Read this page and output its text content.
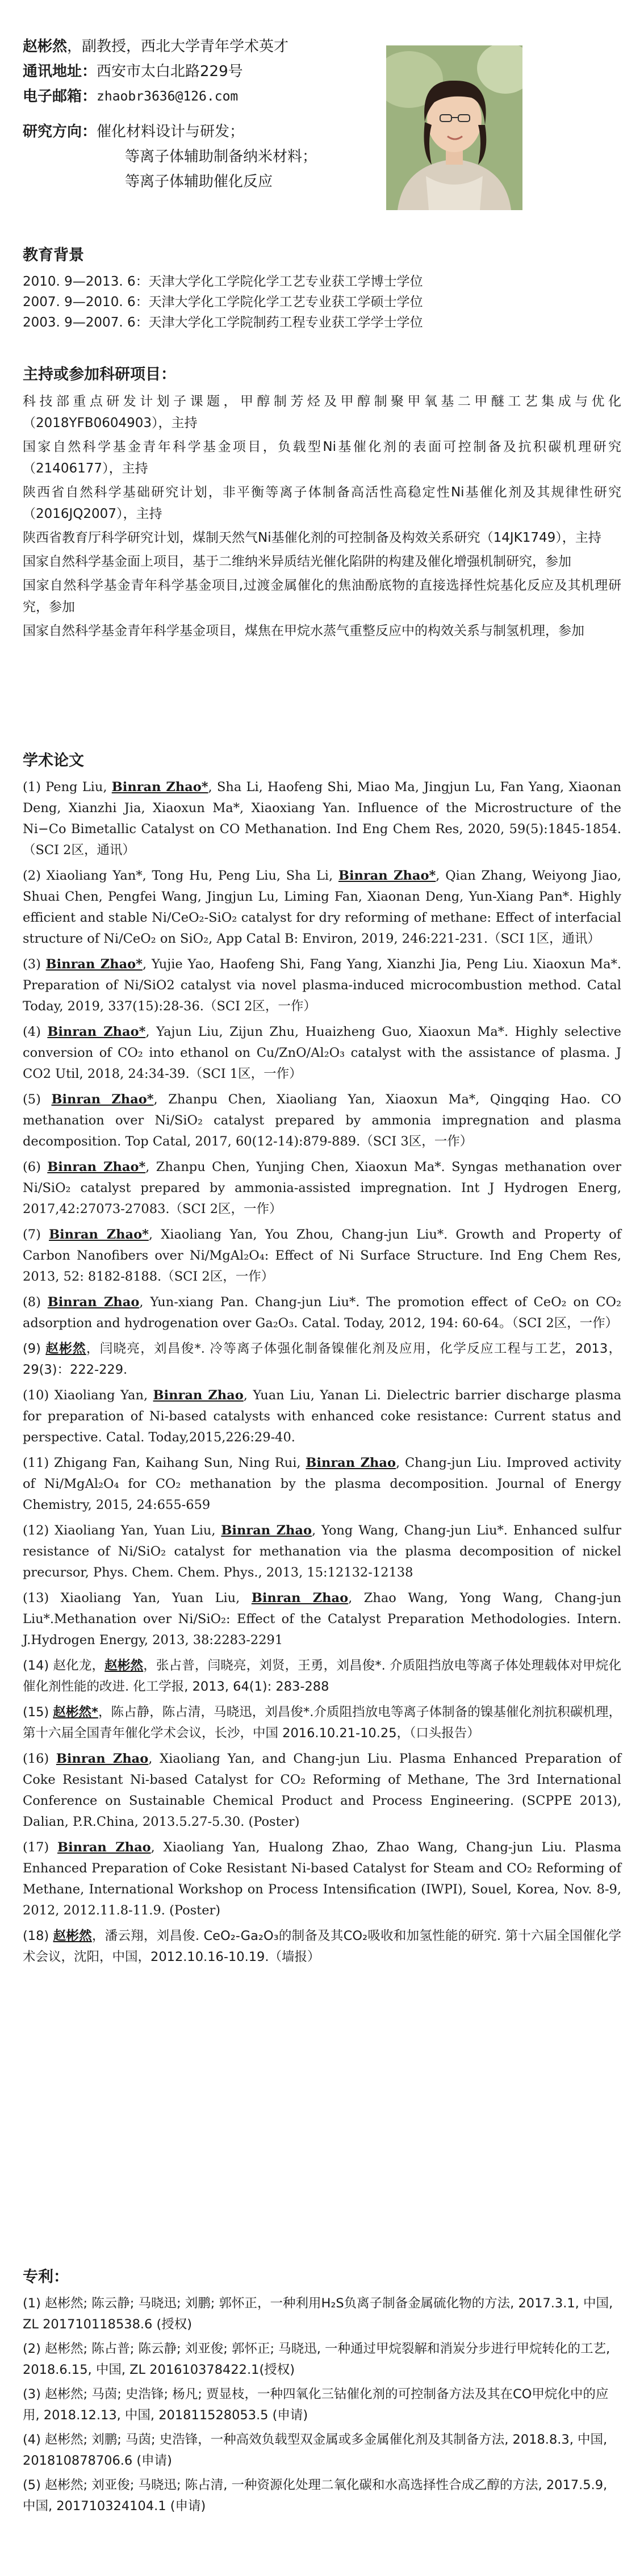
赵彬然 ，副教授，西北大学青年学术英才
通讯地址： 西安市太白北路229号
电子邮箱： zhaobr3636@126.com
研究方向： 催化材料设计与研发；
等离子体辅助制备纳米材料；
等离子体辅助催化反应
教育背景
2010. 9—2013. 6：天津大学化工学院化学工艺专业获工学博士学位
2007. 9—2010. 6：天津大学化工学院化学工艺专业获工学硕士学位
2003. 9—2007. 6：天津大学化工学院制药工程专业获工学学士学位
主持或参加科研项目：

科技部重点研发计划子课题，甲醇制芳烃及甲醇制聚甲氧基二甲醚工艺集成与优化（2018YFB0604903），主持

国家自然科学基金青年科学基金项目，负载型Ni基催化剂的表面可控制备及抗积碳机理研究（21406177），主持

陕西省自然科学基础研究计划，非平衡等离子体制备高活性高稳定性Ni基催化剂及其规律性研究（2016JQ2007），主持

陕西省教育厅科学研究计划，煤制天然气Ni基催化剂的可控制备及构效关系研究（14JK1749），主持

国家自然科学基金面上项目，基于二维纳米异质结光催化陷阱的构建及催化增强机制研究，参加

国家自然科学基金青年科学基金项目,过渡金属催化的焦油酚底物的直接选择性烷基化反应及其机理研究，参加

国家自然科学基金青年科学基金项目，煤焦在甲烷水蒸气重整反应中的构效关系与制氢机理，参加

学术论文

(1) Peng Liu, Binran Zhao*, Sha Li, Haofeng Shi, Miao Ma, Jingjun Lu, Fan Yang, Xiaonan Deng, Xianzhi Jia, Xiaoxun Ma*, Xiaoxiang Yan. Influence of the Microstructure of the Ni−Co Bimetallic Catalyst on CO Methanation. Ind Eng Chem Res, 2020, 59(5):1845-1854.（SCI 2区，通讯）

(2) Xiaoliang Yan*, Tong Hu, Peng Liu, Sha Li, Binran Zhao*, Qian Zhang, Weiyong Jiao, Shuai Chen, Pengfei Wang, Jingjun Lu, Liming Fan, Xiaonan Deng, Yun-Xiang Pan*. Highly efficient and stable Ni/CeO₂-SiO₂ catalyst for dry reforming of methane: Effect of interfacial structure of Ni/CeO₂ on SiO₂, App Catal B: Environ, 2019, 246:221-231.（SCI 1区，通讯）

(3) Binran Zhao*, Yujie Yao, Haofeng Shi, Fang Yang, Xianzhi Jia, Peng Liu. Xiaoxun Ma*. Preparation of Ni/SiO2 catalyst via novel plasma-induced microcombustion method. Catal Today, 2019, 337(15):28-36.（SCI 2区，一作）

(4) Binran Zhao*, Yajun Liu, Zijun Zhu, Huaizheng Guo, Xiaoxun Ma*. Highly selective conversion of CO₂ into ethanol on Cu/ZnO/Al₂O₃ catalyst with the assistance of plasma. J CO2 Util, 2018, 24:34-39.（SCI 1区，一作）

(5) Binran Zhao*, Zhanpu Chen, Xiaoliang Yan, Xiaoxun Ma*, Qingqing Hao. CO methanation over Ni/SiO₂ catalyst prepared by ammonia impregnation and plasma decomposition. Top Catal, 2017, 60(12-14):879-889.（SCI 3区，一作）

(6) Binran Zhao*, Zhanpu Chen, Yunjing Chen, Xiaoxun Ma*. Syngas methanation over Ni/SiO₂ catalyst prepared by ammonia-assisted impregnation. Int J Hydrogen Energ, 2017,42:27073-27083.（SCI 2区，一作）

(7) Binran Zhao*, Xiaoliang Yan, You Zhou, Chang-jun Liu*. Growth and Property of Carbon Nanofibers over Ni/MgAl₂O₄: Effect of Ni Surface Structure. Ind Eng Chem Res, 2013, 52: 8182-8188.（SCI 2区，一作）

(8) Binran Zhao, Yun-xiang Pan. Chang-jun Liu*. The promotion effect of CeO₂ on CO₂ adsorption and hydrogenation over Ga₂O₃. Catal. Today, 2012, 194: 60-64。（SCI 2区，一作）

(9) 赵彬然，闫晓亮，刘昌俊*. 冷等离子体强化制备镍催化剂及应用，化学反应工程与工艺，2013，29(3)：222-229.

(10) Xiaoliang Yan, Binran Zhao, Yuan Liu, Yanan Li. Dielectric barrier discharge plasma for preparation of Ni-based catalysts with enhanced coke resistance: Current status and perspective. Catal. Today,2015,226:29-40.

(11) Zhigang Fan, Kaihang Sun, Ning Rui, Binran Zhao, Chang-jun Liu. Improved activity of Ni/MgAl₂O₄ for CO₂ methanation by the plasma decomposition. Journal of Energy Chemistry, 2015, 24:655-659

(12) Xiaoliang Yan, Yuan Liu, Binran Zhao, Yong Wang, Chang-jun Liu*. Enhanced sulfur resistance of Ni/SiO₂ catalyst for methanation via the plasma decomposition of nickel precursor, Phys. Chem. Chem. Phys., 2013, 15:12132-12138

(13) Xiaoliang Yan, Yuan Liu, Binran Zhao, Zhao Wang, Yong Wang, Chang-jun Liu*.Methanation over Ni/SiO₂: Effect of the Catalyst Preparation Methodologies. Intern. J.Hydrogen Energy, 2013, 38:2283-2291

(14) 赵化龙，赵彬然，张占普，闫晓亮，刘贤，王勇，刘昌俊*. 介质阻挡放电等离子体处理载体对甲烷化催化剂性能的改进. 化工学报, 2013, 64(1): 283-288

(15) 赵彬然*，陈占静，陈占清，马晓迅，刘昌俊*.介质阻挡放电等离子体制备的镍基催化剂抗积碳机理，第十六届全国青年催化学术会议，长沙，中国 2016.10.21-10.25，（口头报告）

(16) Binran Zhao, Xiaoliang Yan, and Chang-jun Liu. Plasma Enhanced Preparation of Coke Resistant Ni-based Catalyst for CO₂ Reforming of Methane, The 3rd International Conference on Sustainable Chemical Product and Process Engineering. (SCPPE 2013), Dalian, P.R.China, 2013.5.27-5.30. (Poster)

(17) Binran Zhao, Xiaoliang Yan, Hualong Zhao, Zhao Wang, Chang-jun Liu. Plasma Enhanced Preparation of Coke Resistant Ni-based Catalyst for Steam and CO₂ Reforming of Methane, International Workshop on Process Intensification (IWPI), Souel, Korea, Nov. 8-9, 2012, 2012.11.8-11.9. (Poster)

(18) 赵彬然，潘云翔，刘昌俊. CeO₂-Ga₂O₃的制备及其CO₂吸收和加氢性能的研究. 第十六届全国催化学术会议，沈阳，中国，2012.10.16-10.19.（墙报）

专利：

(1) 赵彬然; 陈云静; 马晓迅; 刘鹏; 郭怀正，一种利用H₂S负离子制备金属硫化物的方法, 2017.3.1, 中国, ZL 201710118538.6 (授权)

(2) 赵彬然; 陈占普; 陈云静; 刘亚俊; 郭怀正; 马晓迅, 一种通过甲烷裂解和消炭分步进行甲烷转化的工艺, 2018.6.15, 中国, ZL 201610378422.1(授权)

(3) 赵彬然; 马茵; 史浩锋; 杨凡; 贾显枝，一种四氧化三钴催化剂的可控制备方法及其在CO甲烷化中的应用, 2018.12.13, 中国, 201811528053.5 (申请)

(4) 赵彬然; 刘鹏; 马茵; 史浩锋，一种高效负载型双金属或多金属催化剂及其制备方法, 2018.8.3, 中国, 201810878706.6 (申请)

(5) 赵彬然; 刘亚俊; 马晓迅; 陈占清, 一种资源化处理二氧化碳和水高选择性合成乙醇的方法, 2017.5.9, 中国, 201710324104.1 (申请)
